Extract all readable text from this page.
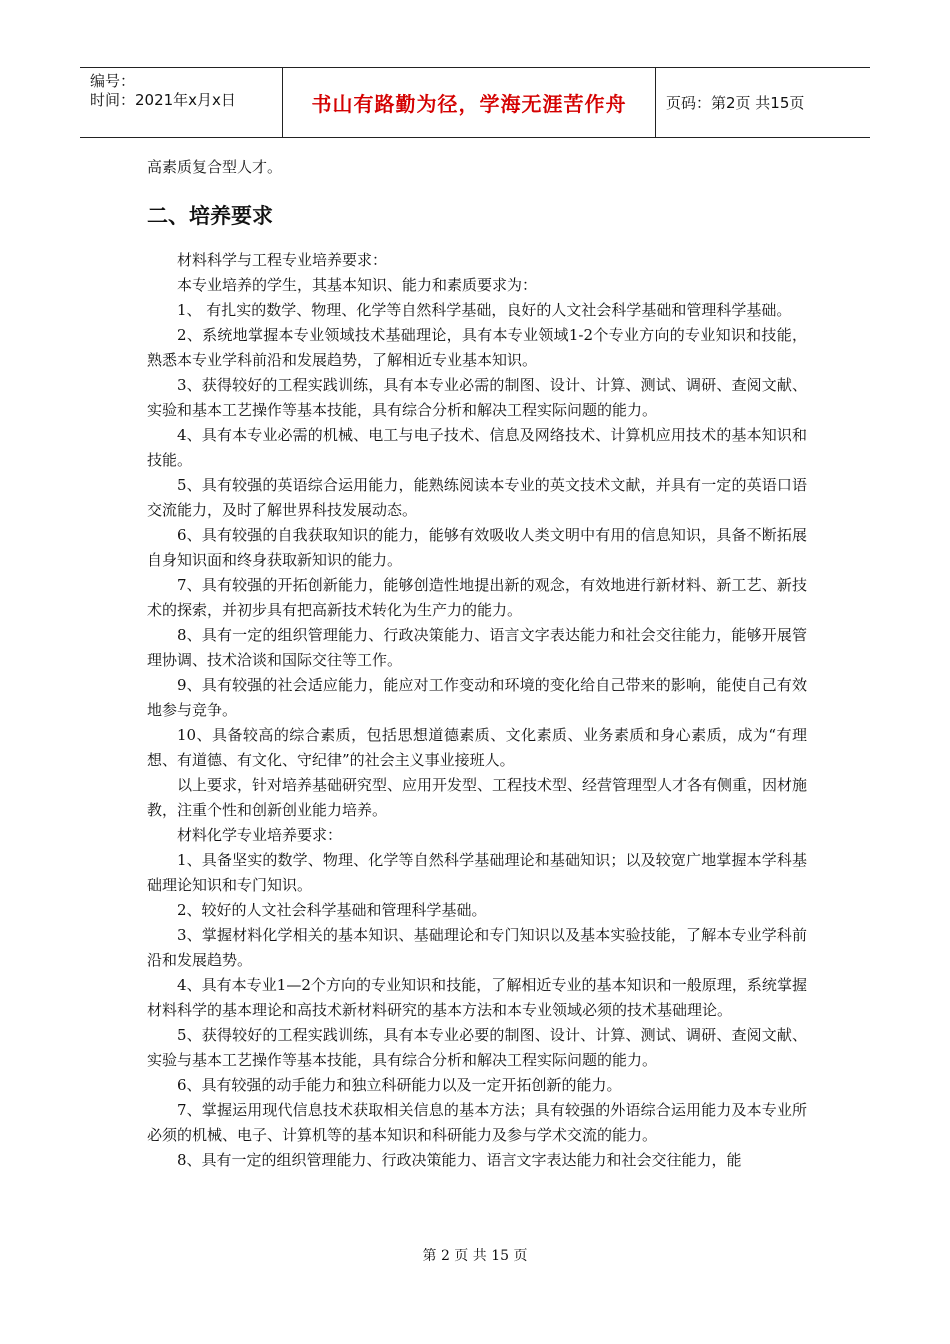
编号：
时间：2021年x月x日	书山有路勤为径，学海无涯苦作舟	页码：第2页 共15页

高素质复合型人才。

二、培养要求

材料科学与工程专业培养要求：

本专业培养的学生，其基本知识、能力和素质要求为：

1、 有扎实的数学、物理、化学等自然科学基础，良好的人文社会科学基础和管理科学基础。

2、系统地掌握本专业领域技术基础理论，具有本专业领域1-2个专业方向的专业知识和技能，熟悉本专业学科前沿和发展趋势，了解相近专业基本知识。

3、获得较好的工程实践训练，具有本专业必需的制图、设计、计算、测试、调研、查阅文献、实验和基本工艺操作等基本技能，具有综合分析和解决工程实际问题的能力。

4、具有本专业必需的机械、电工与电子技术、信息及网络技术、计算机应用技术的基本知识和技能。

5、具有较强的英语综合运用能力，能熟练阅读本专业的英文技术文献，并具有一定的英语口语交流能力，及时了解世界科技发展动态。

6、具有较强的自我获取知识的能力，能够有效吸收人类文明中有用的信息知识，具备不断拓展自身知识面和终身获取新知识的能力。

7、具有较强的开拓创新能力，能够创造性地提出新的观念，有效地进行新材料、新工艺、新技术的探索，并初步具有把高新技术转化为生产力的能力。

8、具有一定的组织管理能力、行政决策能力、语言文字表达能力和社会交往能力，能够开展管理协调、技术洽谈和国际交往等工作。

9、具有较强的社会适应能力，能应对工作变动和环境的变化给自己带来的影响，能使自己有效地参与竞争。

10、具备较高的综合素质，包括思想道德素质、文化素质、业务素质和身心素质，成为“有理想、有道德、有文化、守纪律”的社会主义事业接班人。

以上要求，针对培养基础研究型、应用开发型、工程技术型、经营管理型人才各有侧重，因材施教，注重个性和创新创业能力培养。

材料化学专业培养要求：

1、具备坚实的数学、物理、化学等自然科学基础理论和基础知识；以及较宽广地掌握本学科基础理论知识和专门知识。

2、较好的人文社会科学基础和管理科学基础。

3、掌握材料化学相关的基本知识、基础理论和专门知识以及基本实验技能，了解本专业学科前沿和发展趋势。

4、具有本专业1—2个方向的专业知识和技能，了解相近专业的基本知识和一般原理，系统掌握材料科学的基本理论和高技术新材料研究的基本方法和本专业领域必须的技术基础理论。

5、获得较好的工程实践训练，具有本专业必要的制图、设计、计算、测试、调研、查阅文献、实验与基本工艺操作等基本技能，具有综合分析和解决工程实际问题的能力。

6、具有较强的动手能力和独立科研能力以及一定开拓创新的能力。

7、掌握运用现代信息技术获取相关信息的基本方法；具有较强的外语综合运用能力及本专业所必须的机械、电子、计算机等的基本知识和科研能力及参与学术交流的能力。

8、具有一定的组织管理能力、行政决策能力、语言文字表达能力和社会交往能力，能

第 2 页 共 15 页
